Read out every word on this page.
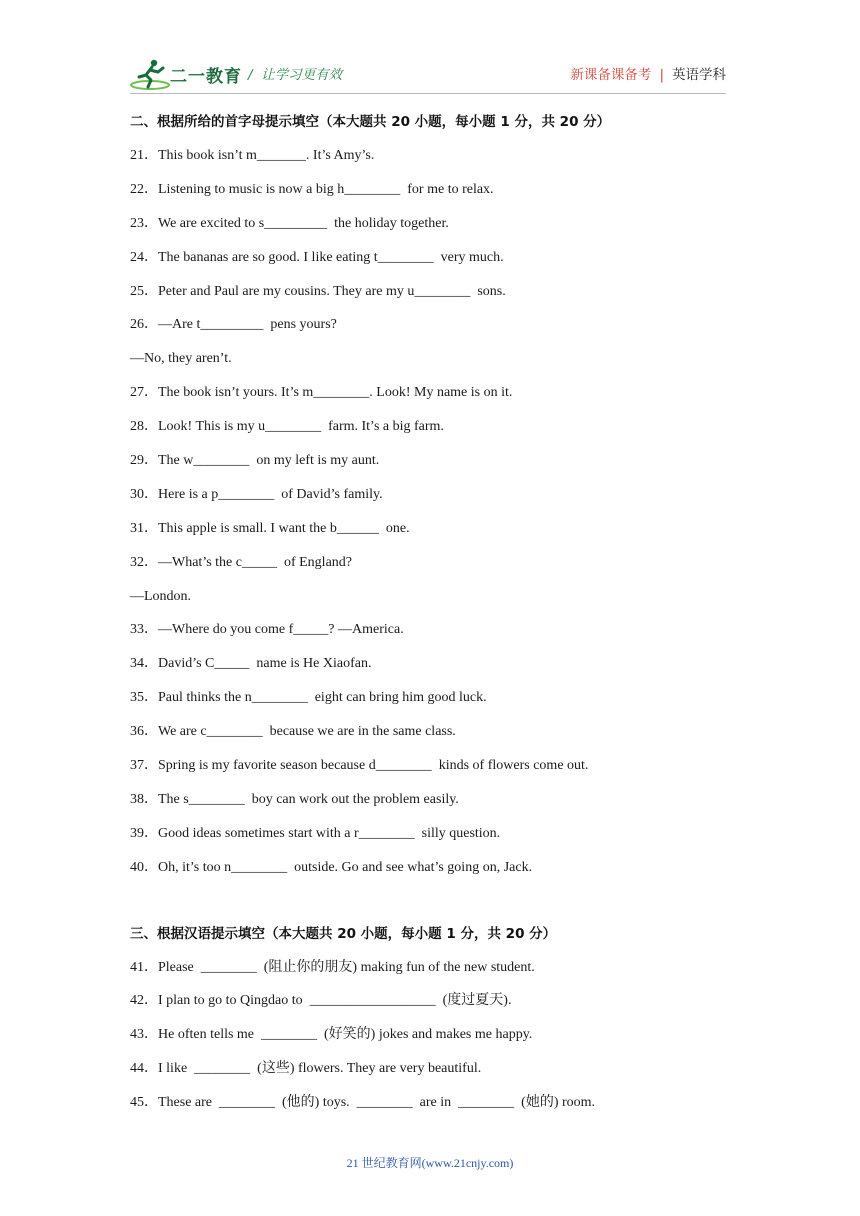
二一教育 /  让学习更有效	新课备课备考 | 英语学科
二、根据所给的首字母提示填空（本大题共 20 小题，每小题 1 分，共 20 分）
21．This book isn’t m_______. It’s Amy’s.
22．Listening to music is now a big h________  for me to relax.
23．We are excited to s_________  the holiday together.
24．The bananas are so good. I like eating t________  very much.
25．Peter and Paul are my cousins. They are my u________  sons.
26．—Are t_________  pens yours?
—No, they aren’t.
27．The book isn’t yours. It’s m________. Look! My name is on it.
28．Look! This is my u________  farm. It’s a big farm.
29．The w________  on my left is my aunt.
30．Here is a p________  of David’s family.
31．This apple is small. I want the b______  one.
32．—What’s the c_____  of England?
—London.
33．—Where do you come f_____? —America.
34．David’s C_____  name is He Xiaofan.
35．Paul thinks the n________  eight can bring him good luck.
36．We are c________  because we are in the same class.
37．Spring is my favorite season because d________  kinds of flowers come out.
38．The s________  boy can work out the problem easily.
39．Good ideas sometimes start with a r________  silly question.
40．Oh, it’s too n________  outside. Go and see what’s going on, Jack.
三、根据汉语提示填空（本大题共 20 小题，每小题 1 分，共 20 分）
41．Please  ________  (阻止你的朋友) making fun of the new student.
42．I plan to go to Qingdao to  __________________  (度过夏天).
43．He often tells me  ________  (好笑的) jokes and makes me happy.
44．I like  ________  (这些) flowers. They are very beautiful.
45．These are  ________  (他的) toys.  ________  are in  ________  (她的) room.
21 世纪教育网(www.21cnjy.com)
